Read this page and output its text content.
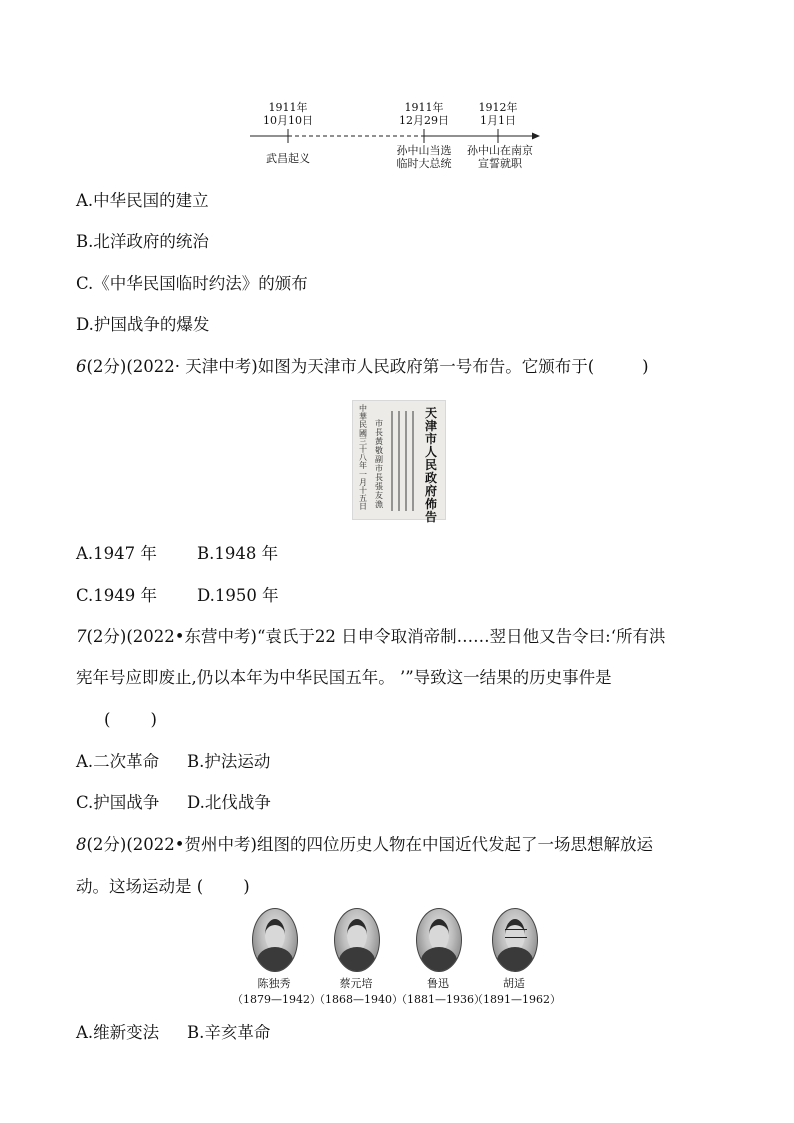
1911年
10月10日
1911年
12月29日
1912年
1月1日
武昌起义
孙中山当选
临时大总统
孙中山在南京
宣誓就职
A.中华民国的建立
B.北洋政府的统治
C.《中华民国临时约法》的颁布
D.护国战争的爆发
6(2分)(2022· 天津中考)如图为天津市人民政府第一号布告。它颁布于(	)
天津市人民政府佈告
市長黃敬 副市長張友漁
中華民國三十八年一月十五日
A.1947 年 B.1948 年
C.1949 年 D.1950 年
7(2分)(2022•东营中考)“袁氏于22 日申令取消帝制……翌日他又告令曰:‘所有洪
宪年号应即废止,仍以本年为中华民国五年。 ’”导致这一结果的历史事件是
( )
A.二次革命 B.护法运动
C.护国战争 D.北伐战争
8(2分)(2022•贺州中考)组图的四位历史人物在中国近代发起了一场思想解放运
动。这场运动是 ( )
陈独秀	蔡元培	鲁迅	胡适
（1879—1942）
（1868—1940）
（1881—1936）
（1891—1962）
A.维新变法 B.辛亥革命
